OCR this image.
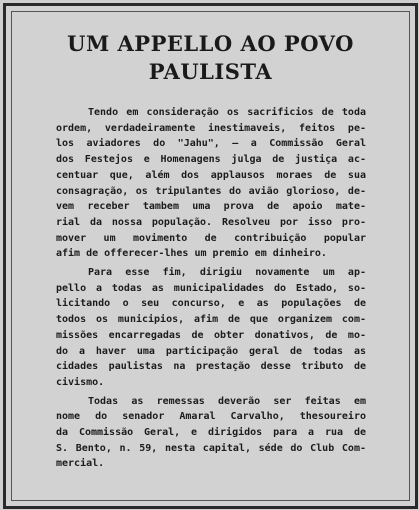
UM APPELLO AO POVO
PAULISTA
Tendo em consideração os sacrificios de toda
ordem, verdadeiramente inestimaveis, feitos pe-
los aviadores do "Jahu", — a Commissão Geral
dos Festejos e Homenagens julga de justiça ac-
centuar que, além dos applausos moraes de sua
consagração, os tripulantes do avião glorioso, de-
vem receber tambem uma prova de apoio mate-
rial da nossa população. Resolveu por isso pro-
mover um movimento de contribuição popular
afim de offerecer-lhes um premio em dinheiro.
Para esse fim, dirigiu novamente um ap-
pello a todas as municipalidades do Estado, so-
licitando o seu concurso, e as populações de
todos os municipios, afim de que organizem com-
missões encarregadas de obter donativos, de mo-
do a haver uma participação geral de todas as
cidades paulistas na prestação desse tributo de
civismo.
Todas as remessas deverão ser feitas em
nome do senador Amaral Carvalho, thesoureiro
da Commissão Geral, e dirigidos para a rua de
S. Bento, n. 59, nesta capital, séde do Club Com-
mercial.
